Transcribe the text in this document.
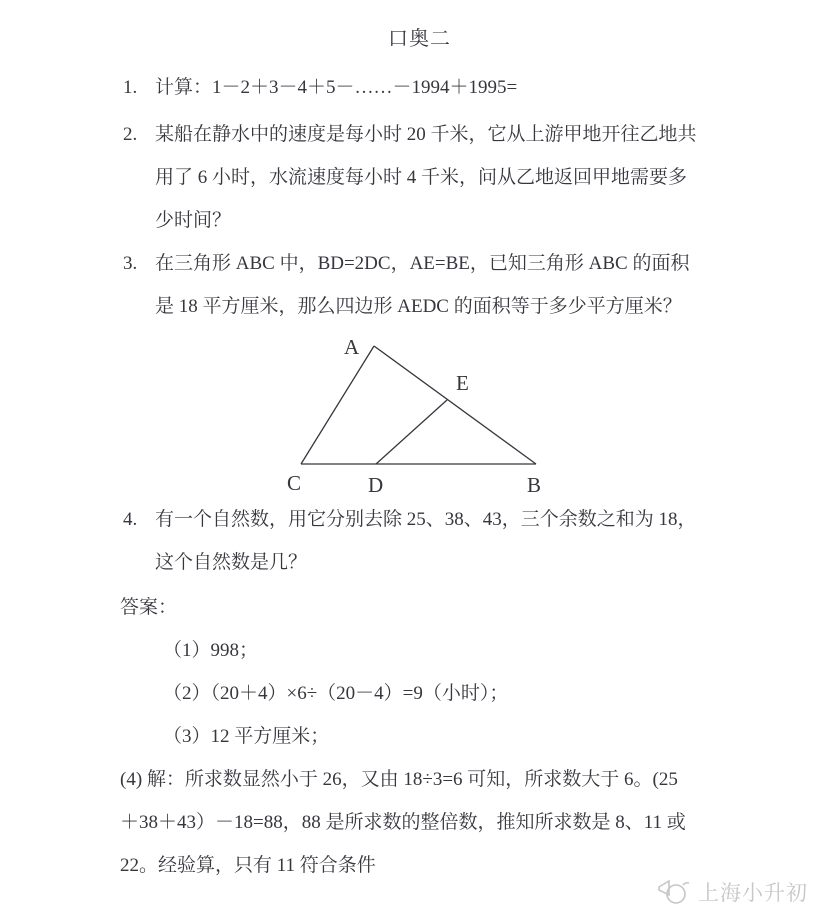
口奥二
1. 计算：1－2＋3－4＋5－……－1994＋1995=
2. 某船在静水中的速度是每小时 20 千米，它从上游甲地开往乙地共
用了 6 小时，水流速度每小时 4 千米，问从乙地返回甲地需要多
少时间？
3. 在三角形 ABC 中，BD=2DC，AE=BE，已知三角形 ABC 的面积
是 18 平方厘米，那么四边形 AEDC 的面积等于多少平方厘米？
A
E
C	D	B
4. 有一个自然数，用它分别去除 25、38、43，三个余数之和为 18，
这个自然数是几？
答案：
（1）998；
（2）（20＋4）×6÷（20－4）=9（小时）；
（3）12 平方厘米；
(4) 解：所求数显然小于 26，又由 18÷3=6 可知，所求数大于 6。(25
＋38＋43）－18=88，88 是所求数的整倍数，推知所求数是 8、11 或
22。经验算，只有 11 符合条件
上海小升初
